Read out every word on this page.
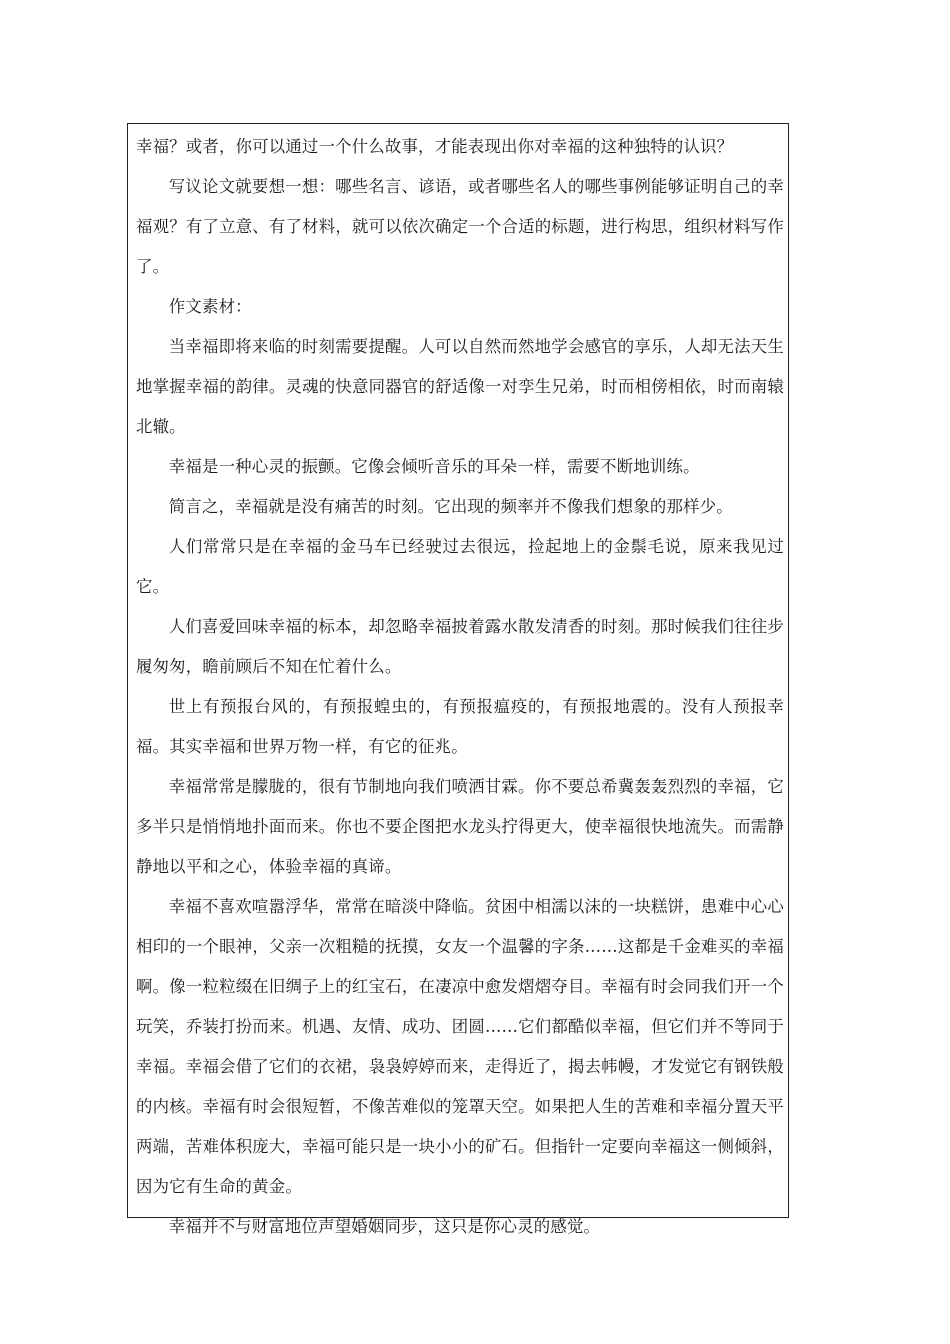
幸福？或者，你可以通过一个什么故事，才能表现出你对幸福的这种独特的认识？

写议论文就要想一想：哪些名言、谚语，或者哪些名人的哪些事例能够证明自己的幸福观？有了立意、有了材料，就可以依次确定一个合适的标题，进行构思，组织材料写作了。

作文素材：

当幸福即将来临的时刻需要提醒。人可以自然而然地学会感官的享乐，人却无法天生地掌握幸福的韵律。灵魂的快意同器官的舒适像一对孪生兄弟，时而相傍相依，时而南辕北辙。

幸福是一种心灵的振颤。它像会倾听音乐的耳朵一样，需要不断地训练。

简言之，幸福就是没有痛苦的时刻。它出现的频率并不像我们想象的那样少。

人们常常只是在幸福的金马车已经驶过去很远，捡起地上的金鬃毛说，原来我见过它。

人们喜爱回味幸福的标本，却忽略幸福披着露水散发清香的时刻。那时候我们往往步履匆匆，瞻前顾后不知在忙着什么。

世上有预报台风的，有预报蝗虫的，有预报瘟疫的，有预报地震的。没有人预报幸福。其实幸福和世界万物一样，有它的征兆。

幸福常常是朦胧的，很有节制地向我们喷洒甘霖。你不要总希冀轰轰烈烈的幸福，它多半只是悄悄地扑面而来。你也不要企图把水龙头拧得更大，使幸福很快地流失。而需静静地以平和之心，体验幸福的真谛。

幸福不喜欢喧嚣浮华，常常在暗淡中降临。贫困中相濡以沫的一块糕饼，患难中心心相印的一个眼神，父亲一次粗糙的抚摸，女友一个温馨的字条……这都是千金难买的幸福啊。像一粒粒缀在旧绸子上的红宝石，在凄凉中愈发熠熠夺目。幸福有时会同我们开一个玩笑，乔装打扮而来。机遇、友情、成功、团圆……它们都酷似幸福，但它们并不等同于幸福。幸福会借了它们的衣裙，袅袅婷婷而来，走得近了，揭去帏幔，才发觉它有钢铁般的内核。幸福有时会很短暂，不像苦难似的笼罩天空。如果把人生的苦难和幸福分置天平两端，苦难体积庞大，幸福可能只是一块小小的矿石。但指针一定要向幸福这一侧倾斜，因为它有生命的黄金。

幸福并不与财富地位声望婚姻同步，这只是你心灵的感觉。
